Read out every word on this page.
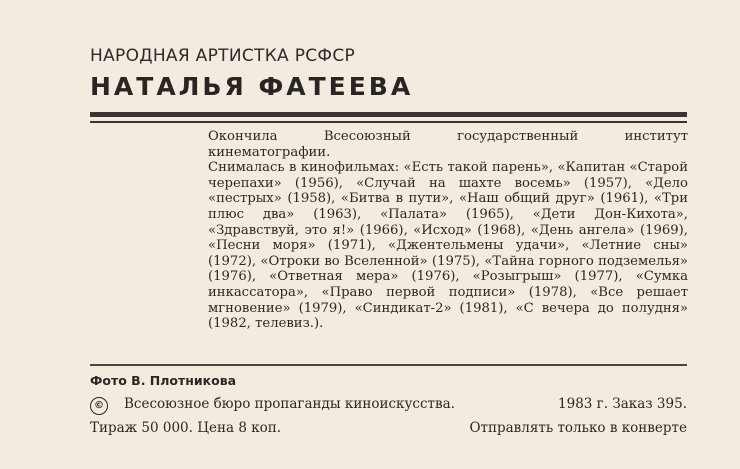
НАРОДНАЯ АРТИСТКА РСФСР
НАТАЛЬЯ ФАТЕЕВА

Окончила Всесоюзный государственный институт кинематографии.

Снималась в кинофильмах: «Есть такой парень», «Капитан «Старой черепахи» (1956), «Случай на шахте восемь» (1957), «Дело «пестрых» (1958), «Битва в пути», «Наш общий друг» (1961), «Три плюс два» (1963), «Палата» (1965), «Дети Дон-Кихота», «Здравствуй, это я!» (1966), «Исход» (1968), «День ангела» (1969), «Песни моря» (1971), «Джентельмены удачи», «Летние сны» (1972), «Отроки во Вселенной» (1975), «Тайна горного подземелья» (1976), «Ответная мера» (1976), «Розыгрыш» (1977), «Сумка инкассатора», «Право первой подписи» (1978), «Все решает мгновение» (1979), «Синдикат-2» (1981), «С вечера до полудня» (1982, телевиз.).

Фото В. Плотникова
© Всесоюзное бюро пропаганды киноискусства.	1983 г. Заказ 395.
Тираж 50 000. Цена 8 коп.	Отправлять только в конверте
